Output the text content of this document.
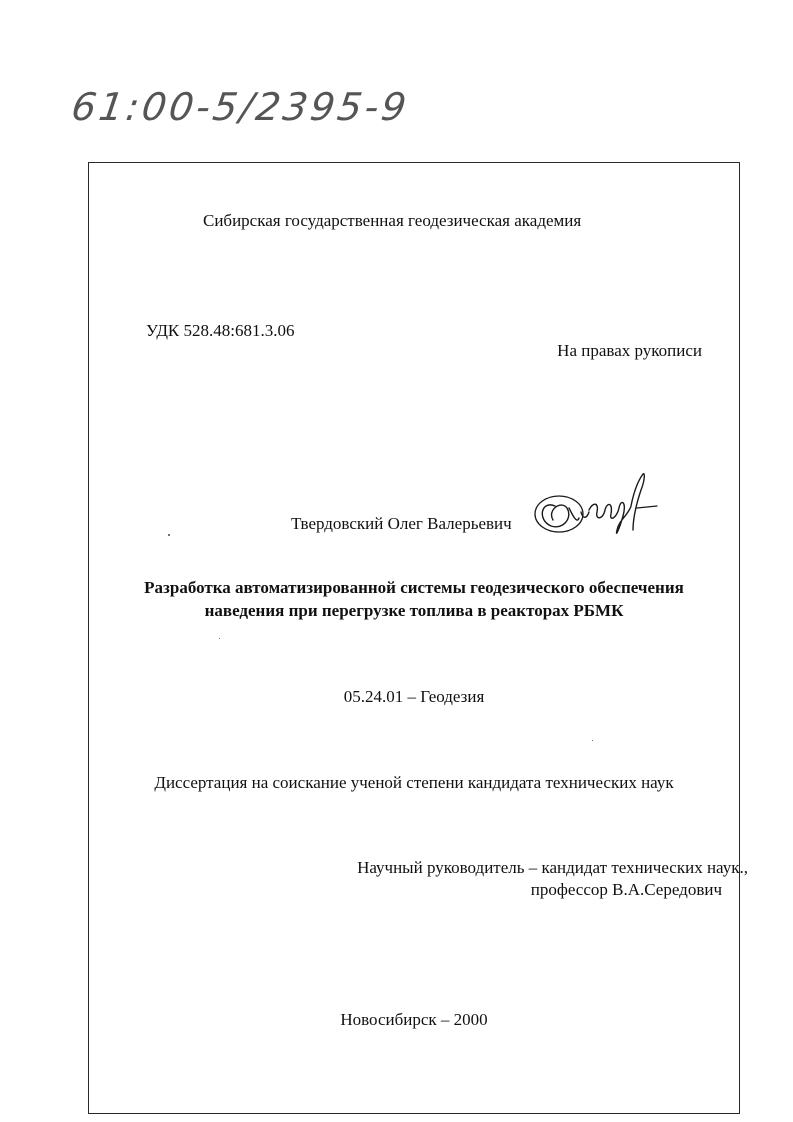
61:00-5/2395-9
Сибирская государственная геодезическая академия
УДК 528.48:681.3.06
На правах рукописи
Твердовский Олег Валерьевич
Разработка автоматизированной системы геодезического обеспечения
наведения при перегрузке топлива в реакторах РБМК
05.24.01 – Геодезия
Диссертация на соискание ученой степени кандидата технических наук
Научный руководитель – кандидат технических наук.,
профессор В.А.Середович
Новосибирск – 2000
